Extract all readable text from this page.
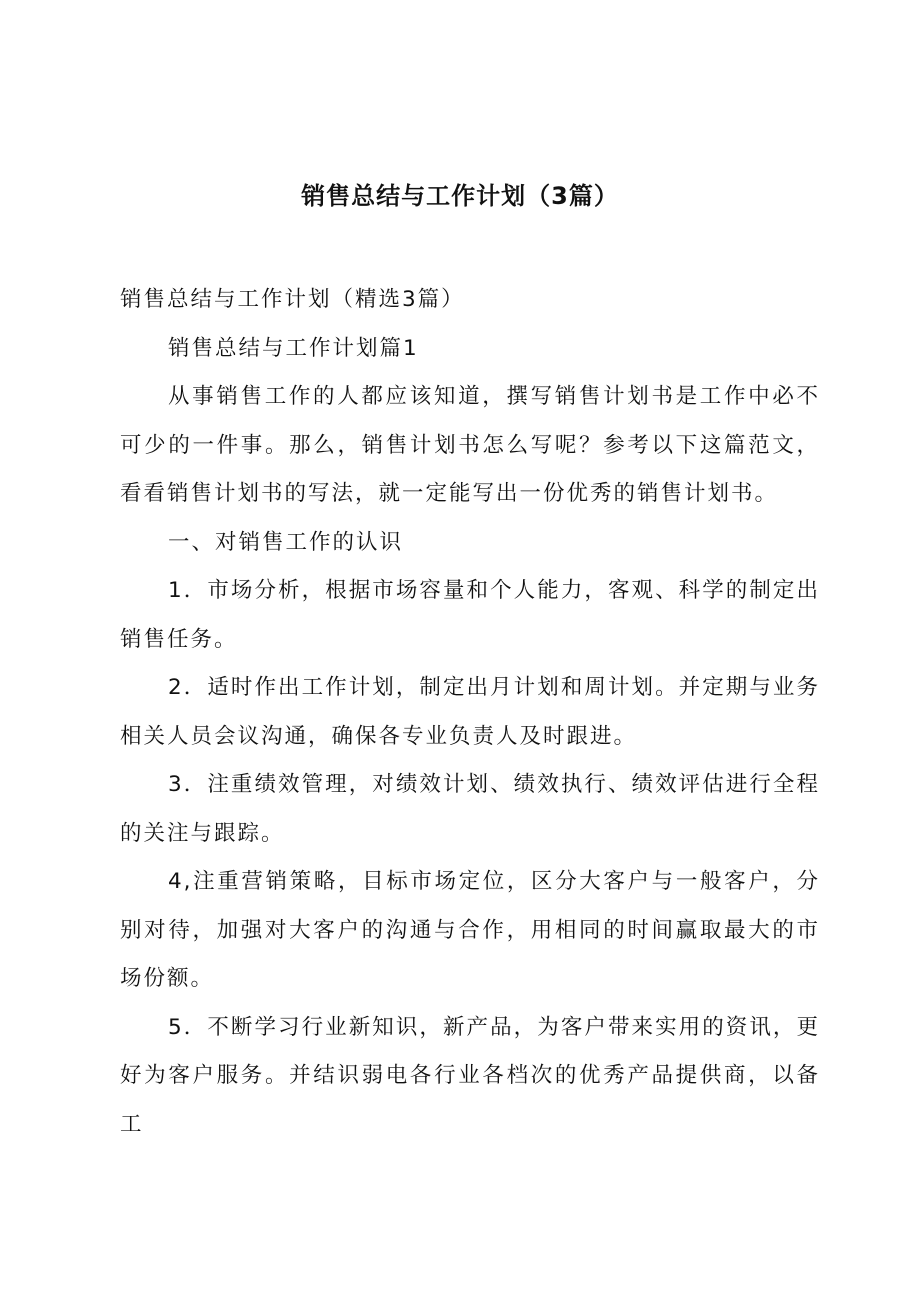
销售总结与工作计划（3篇）

销售总结与工作计划（精选3篇）

销售总结与工作计划篇1

从事销售工作的人都应该知道，撰写销售计划书是工作中必不可少的一件事。那么，销售计划书怎么写呢？参考以下这篇范文，看看销售计划书的写法，就一定能写出一份优秀的销售计划书。

一、对销售工作的认识

1．市场分析，根据市场容量和个人能力，客观、科学的制定出销售任务。

2．适时作出工作计划，制定出月计划和周计划。并定期与业务相关人员会议沟通，确保各专业负责人及时跟进。

3．注重绩效管理，对绩效计划、绩效执行、绩效评估进行全程的关注与跟踪。

4,注重营销策略，目标市场定位，区分大客户与一般客户，分别对待，加强对大客户的沟通与合作，用相同的时间赢取最大的市场份额。

5．不断学习行业新知识，新产品，为客户带来实用的资讯，更好为客户服务。并结识弱电各行业各档次的优秀产品提供商，以备工
